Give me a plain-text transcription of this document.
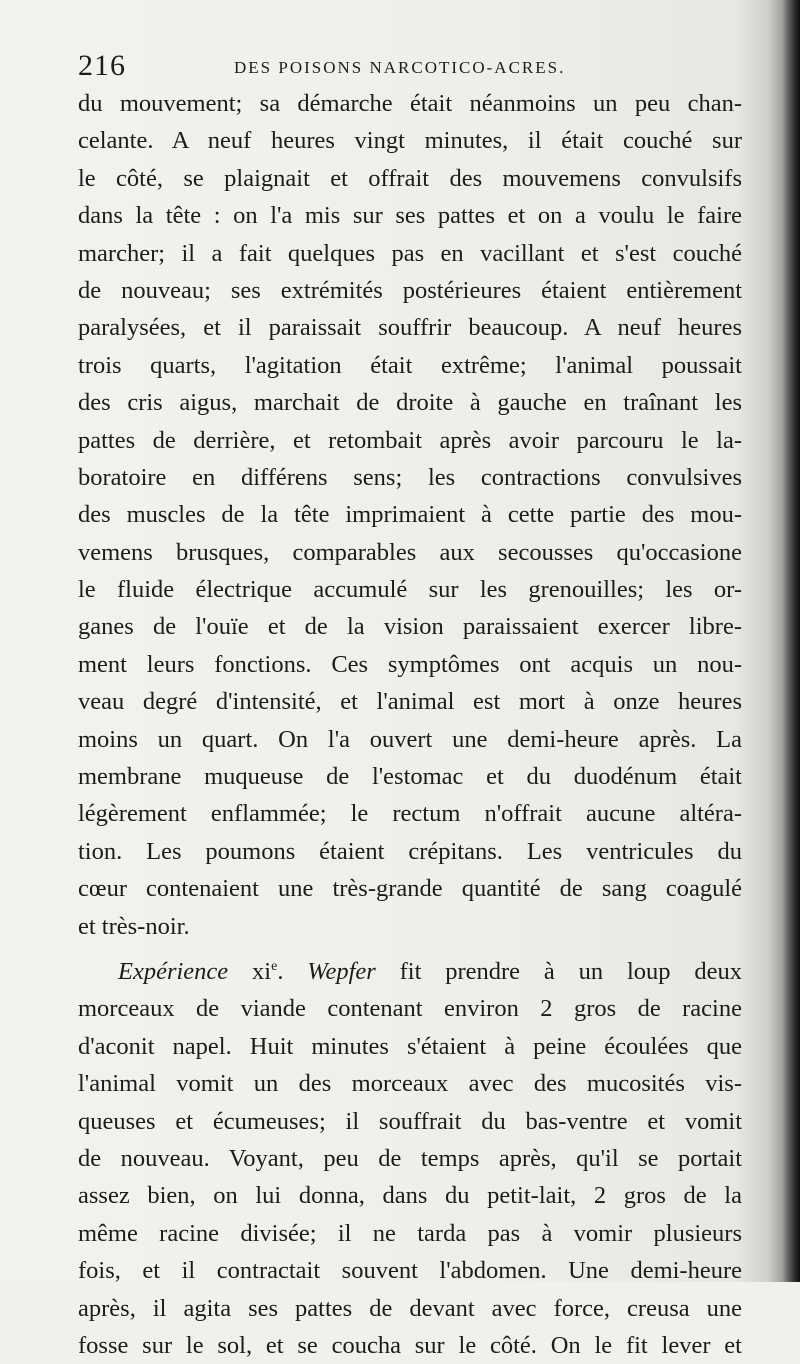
216	DES POISONS NARCOTICO-ACRES.
du mouvement; sa démarche était néanmoins un peu chan-
celante. A neuf heures vingt minutes, il était couché sur
le côté, se plaignait et offrait des mouvemens convulsifs
dans la tête : on l'a mis sur ses pattes et on a voulu le faire
marcher; il a fait quelques pas en vacillant et s'est couché
de nouveau; ses extrémités postérieures étaient entièrement
paralysées, et il paraissait souffrir beaucoup. A neuf heures
trois quarts, l'agitation était extrême; l'animal poussait
des cris aigus, marchait de droite à gauche en traînant les
pattes de derrière, et retombait après avoir parcouru le la-
boratoire en différens sens; les contractions convulsives
des muscles de la tête imprimaient à cette partie des mou-
vemens brusques, comparables aux secousses qu'occasione
le fluide électrique accumulé sur les grenouilles; les or-
ganes de l'ouïe et de la vision paraissaient exercer libre-
ment leurs fonctions. Ces symptômes ont acquis un nou-
veau degré d'intensité, et l'animal est mort à onze heures
moins un quart. On l'a ouvert une demi-heure après. La
membrane muqueuse de l'estomac et du duodénum était
légèrement enflammée; le rectum n'offrait aucune altéra-
tion. Les poumons étaient crépitans. Les ventricules du
cœur contenaient une très-grande quantité de sang coagulé
et très-noir.
Expérience $xi^e$. Wepfer fit prendre à un loup deux
morceaux de viande contenant environ 2 gros de racine
d'aconit napel. Huit minutes s'étaient à peine écoulées que
l'animal vomit un des morceaux avec des mucosités vis-
queuses et écumeuses; il souffrait du bas-ventre et vomit
de nouveau. Voyant, peu de temps après, qu'il se portait
assez bien, on lui donna, dans du petit-lait, 2 gros de la
même racine divisée; il ne tarda pas à vomir plusieurs
fois, et il contractait souvent l'abdomen. Une demi-heure
après, il agita ses pattes de devant avec force, creusa une
fosse sur le sol, et se coucha sur le côté. On le fit lever et
